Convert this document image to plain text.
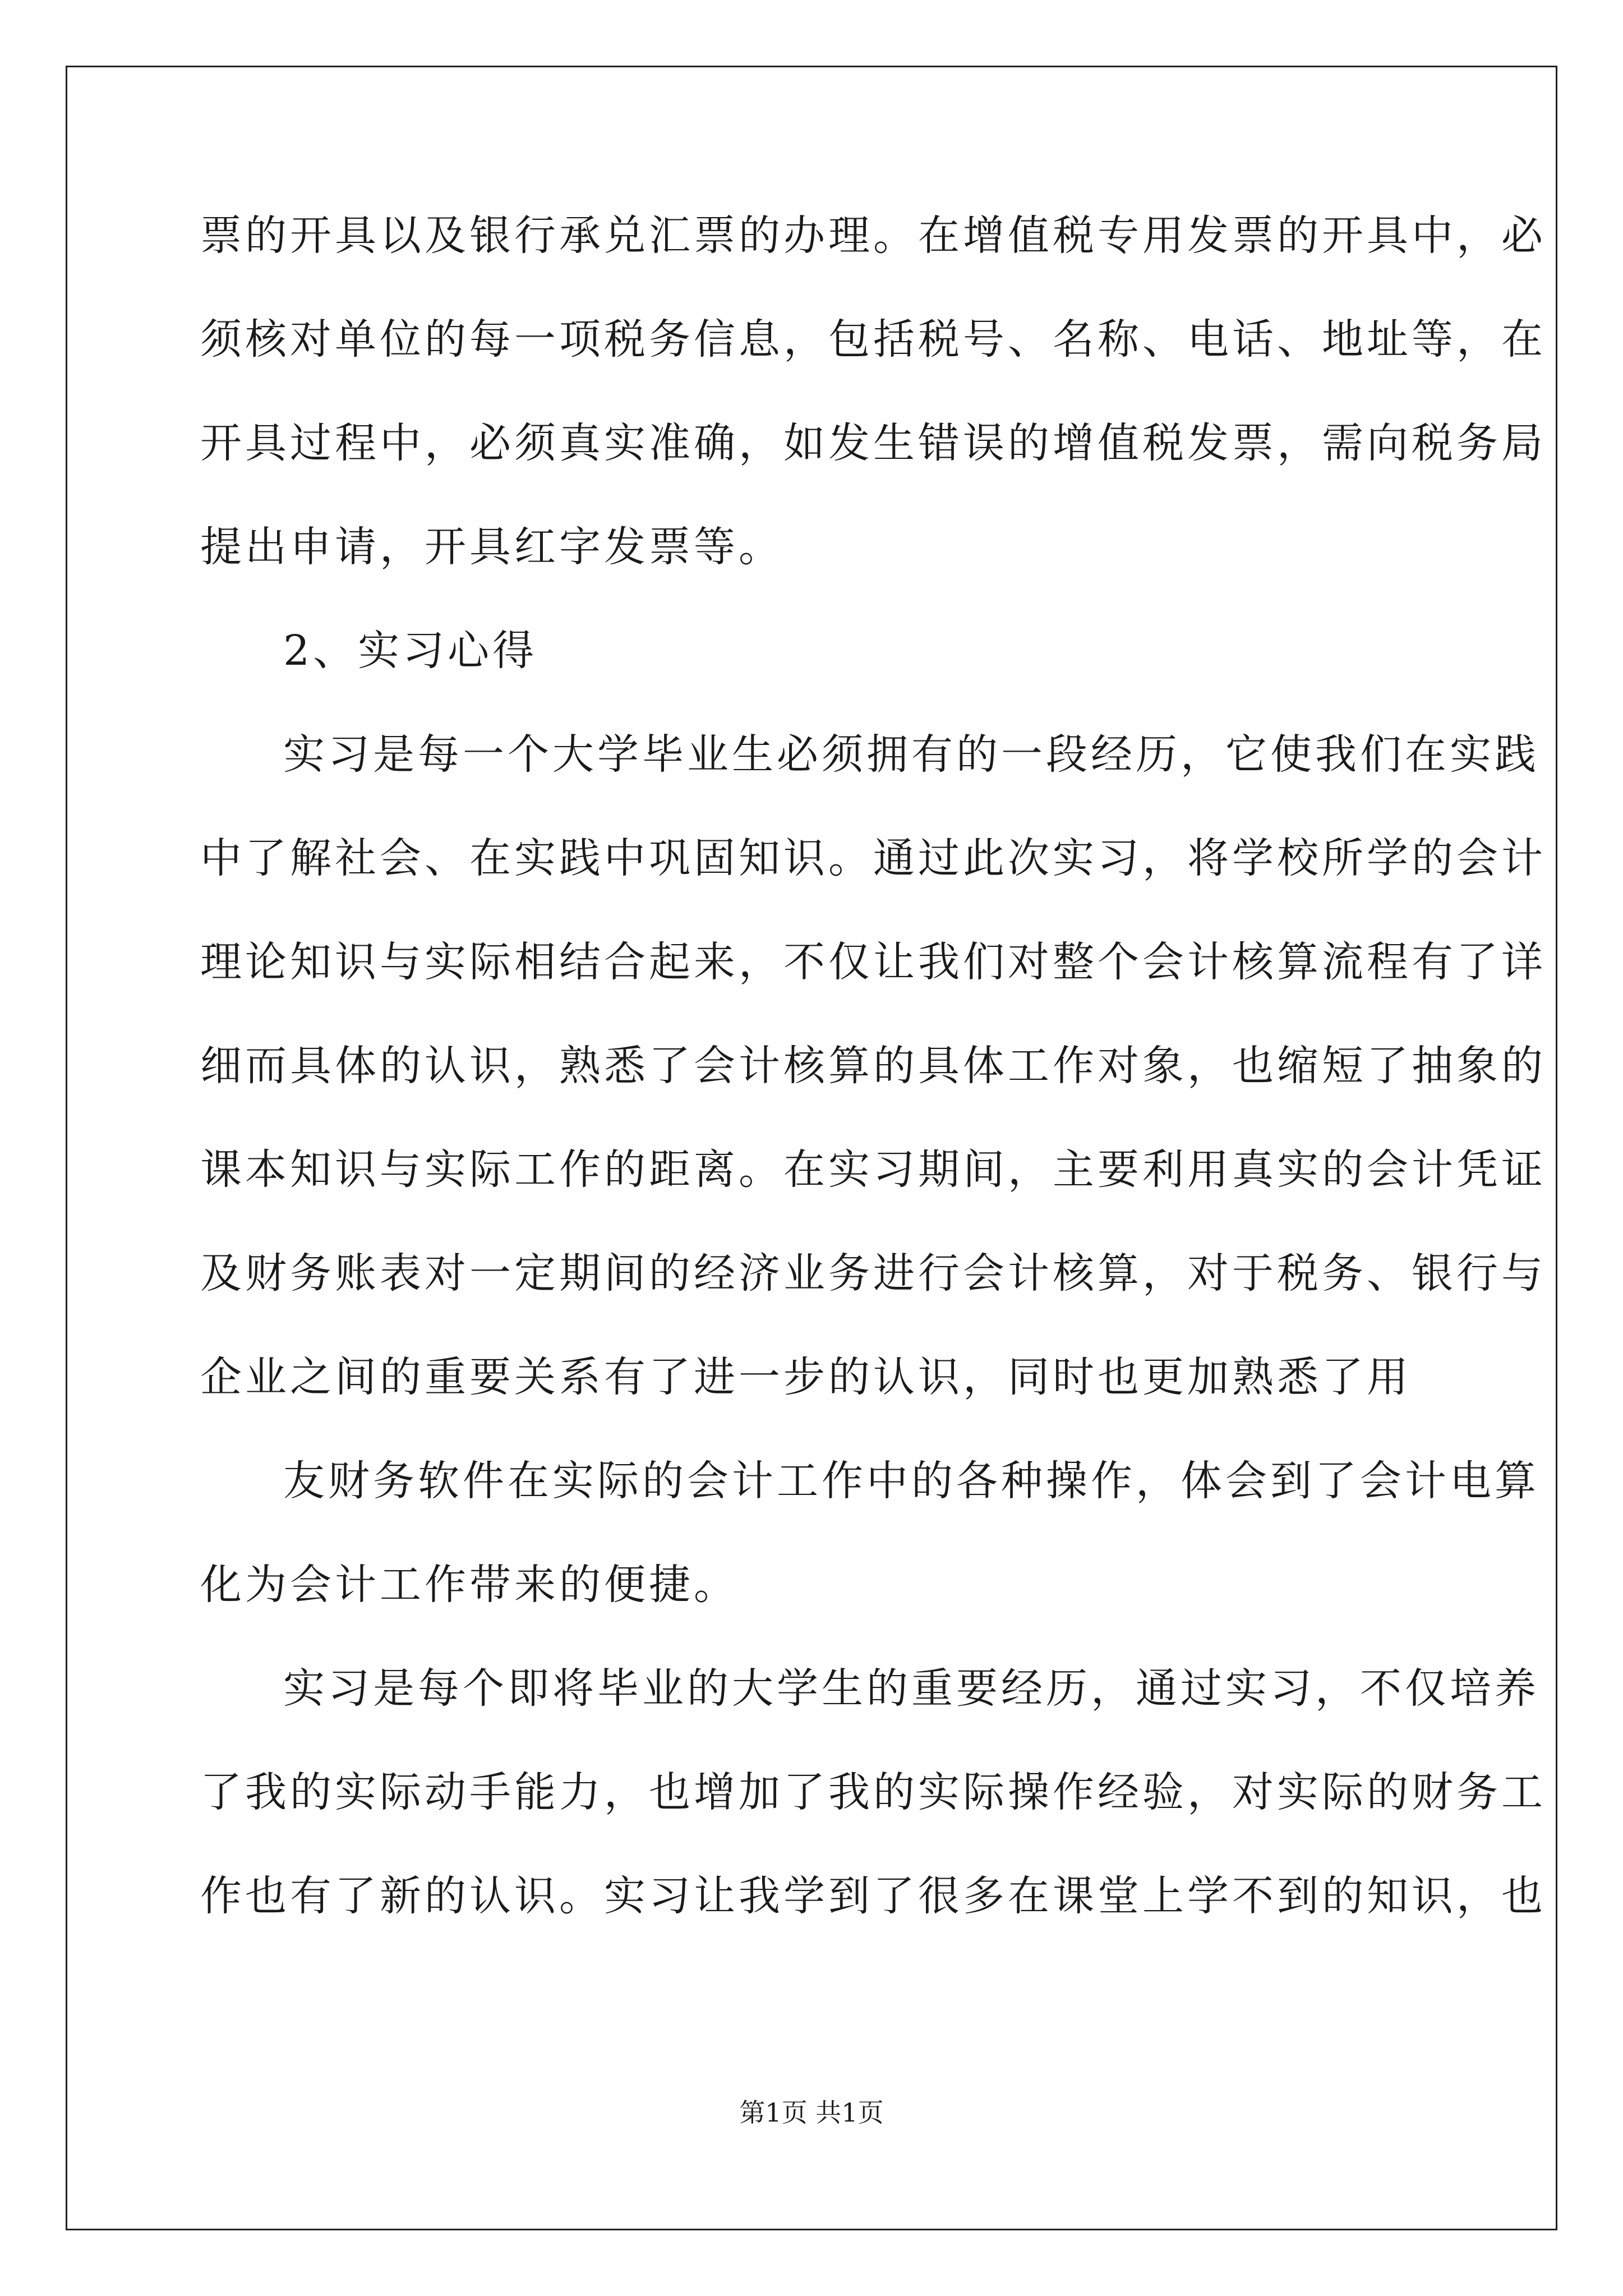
票的开具以及银行承兑汇票的办理。在增值税专用发票的开具中，必
须核对单位的每一项税务信息，包括税号、名称、电话、地址等，在
开具过程中，必须真实准确，如发生错误的增值税发票，需向税务局
提出申请，开具红字发票等。
2、实习心得
实习是每一个大学毕业生必须拥有的一段经历，它使我们在实践
中了解社会、在实践中巩固知识。通过此次实习，将学校所学的会计
理论知识与实际相结合起来，不仅让我们对整个会计核算流程有了详
细而具体的认识，熟悉了会计核算的具体工作对象，也缩短了抽象的
课本知识与实际工作的距离。在实习期间，主要利用真实的会计凭证
及财务账表对一定期间的经济业务进行会计核算，对于税务、银行与
企业之间的重要关系有了进一步的认识，同时也更加熟悉了用
友财务软件在实际的会计工作中的各种操作，体会到了会计电算
化为会计工作带来的便捷。
实习是每个即将毕业的大学生的重要经历，通过实习，不仅培养
了我的实际动手能力，也增加了我的实际操作经验，对实际的财务工
作也有了新的认识。实习让我学到了很多在课堂上学不到的知识，也
第1页 共1页
